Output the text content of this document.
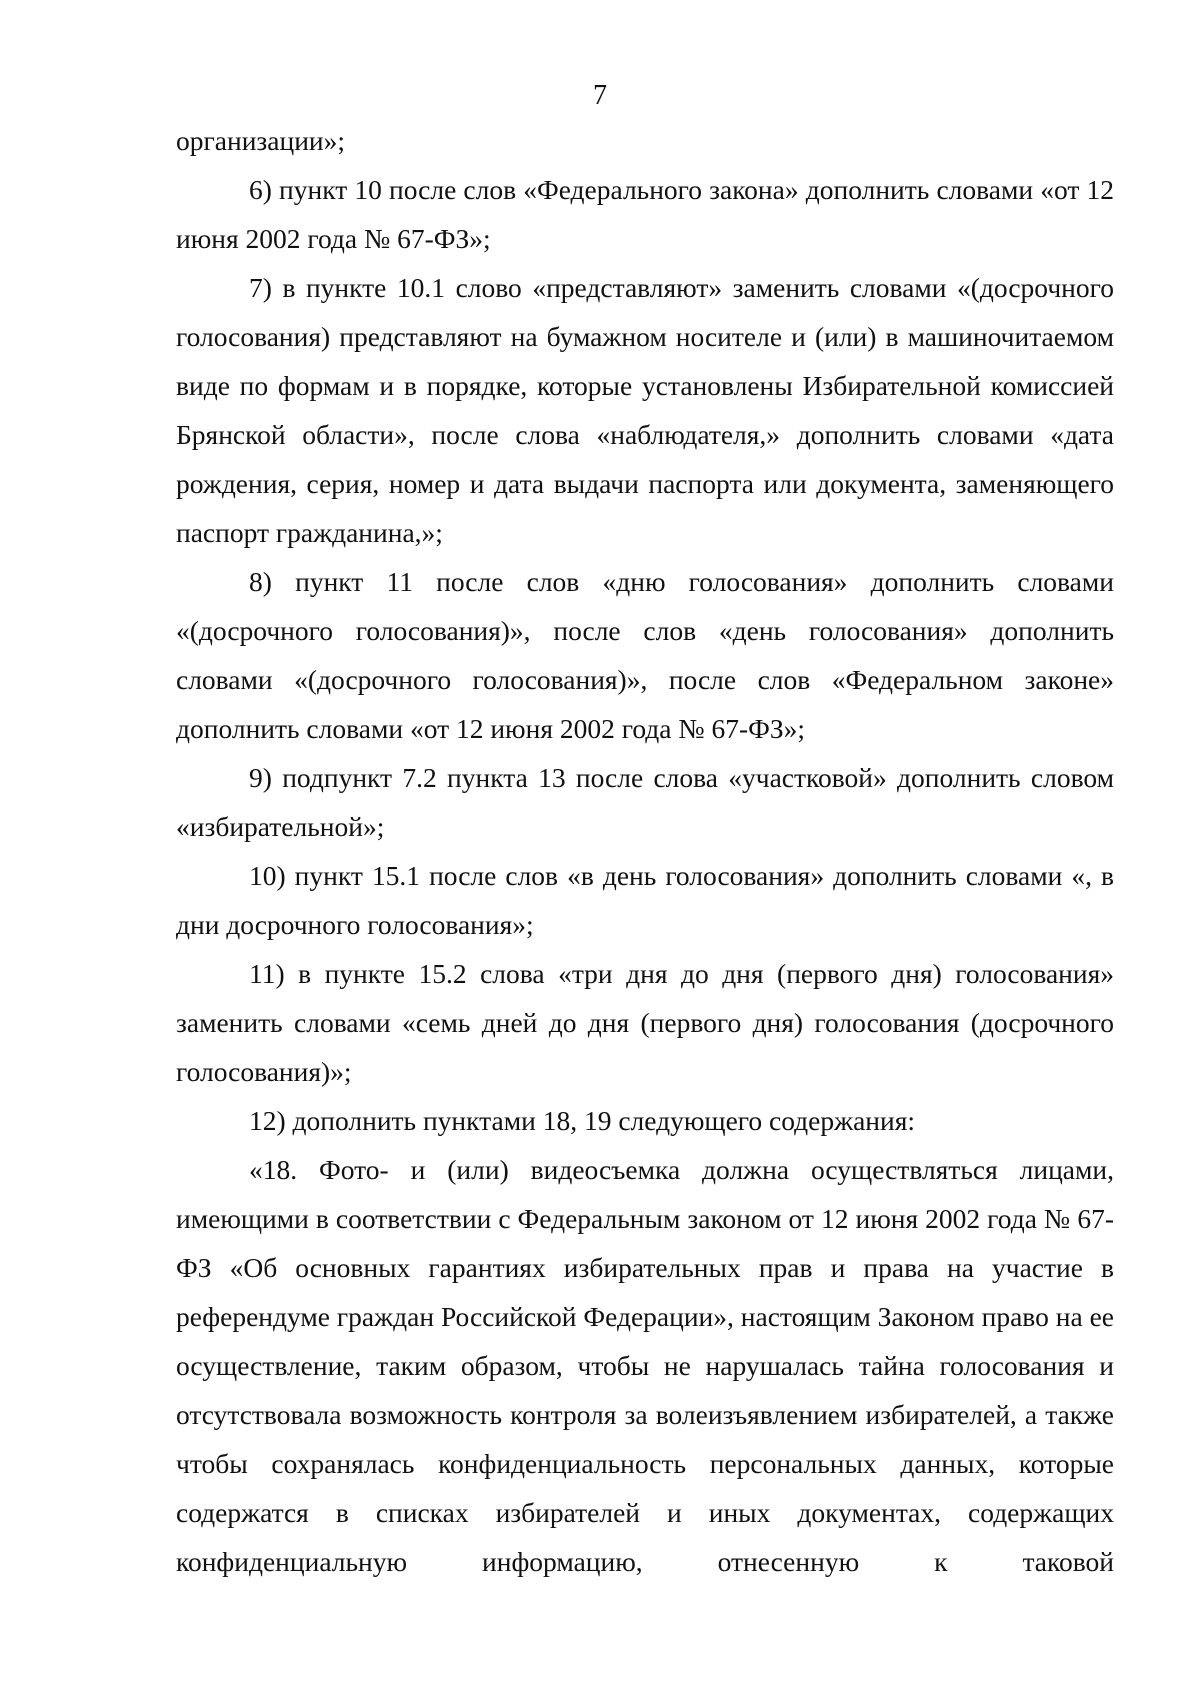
7

организации»;

6) пункт 10 после слов «Федерального закона» дополнить словами «от 12 июня 2002 года № 67-ФЗ»;

7) в пункте 10.1 слово «представляют» заменить словами «(досрочного голосования) представляют на бумажном носителе и (или) в машиночитаемом виде по формам и в порядке, которые установлены Избирательной комиссией Брянской области», после слова «наблюдателя,» дополнить словами «дата рождения, серия, номер и дата выдачи паспорта или документа, заменяющего паспорт гражданина,»;

8) пункт 11 после слов «дню голосования» дополнить словами «(досрочного голосования)», после слов «день голосования» дополнить словами «(досрочного голосования)», после слов «Федеральном законе» дополнить словами «от 12 июня 2002 года № 67-ФЗ»;

9) подпункт 7.2 пункта 13 после слова «участковой» дополнить словом «избирательной»;

10) пункт 15.1 после слов «в день голосования» дополнить словами «, в дни досрочного голосования»;

11) в пункте 15.2 слова «три дня до дня (первого дня) голосования» заменить словами «семь дней до дня (первого дня) голосования (досрочного голосования)»;

12) дополнить пунктами 18, 19 следующего содержания:

«18. Фото- и (или) видеосъемка должна осуществляться лицами, имеющими в соответствии с Федеральным законом от 12 июня 2002 года № 67-ФЗ «Об основных гарантиях избирательных прав и права на участие в референдуме граждан Российской Федерации», настоящим Законом право на ее осуществление, таким образом, чтобы не нарушалась тайна голосования и отсутствовала возможность контроля за волеизъявлением избирателей, а также чтобы сохранялась конфиденциальность персональных данных, которые содержатся в списках избирателей и иных документах, содержащих конфиденциальную информацию, отнесенную к таковой
